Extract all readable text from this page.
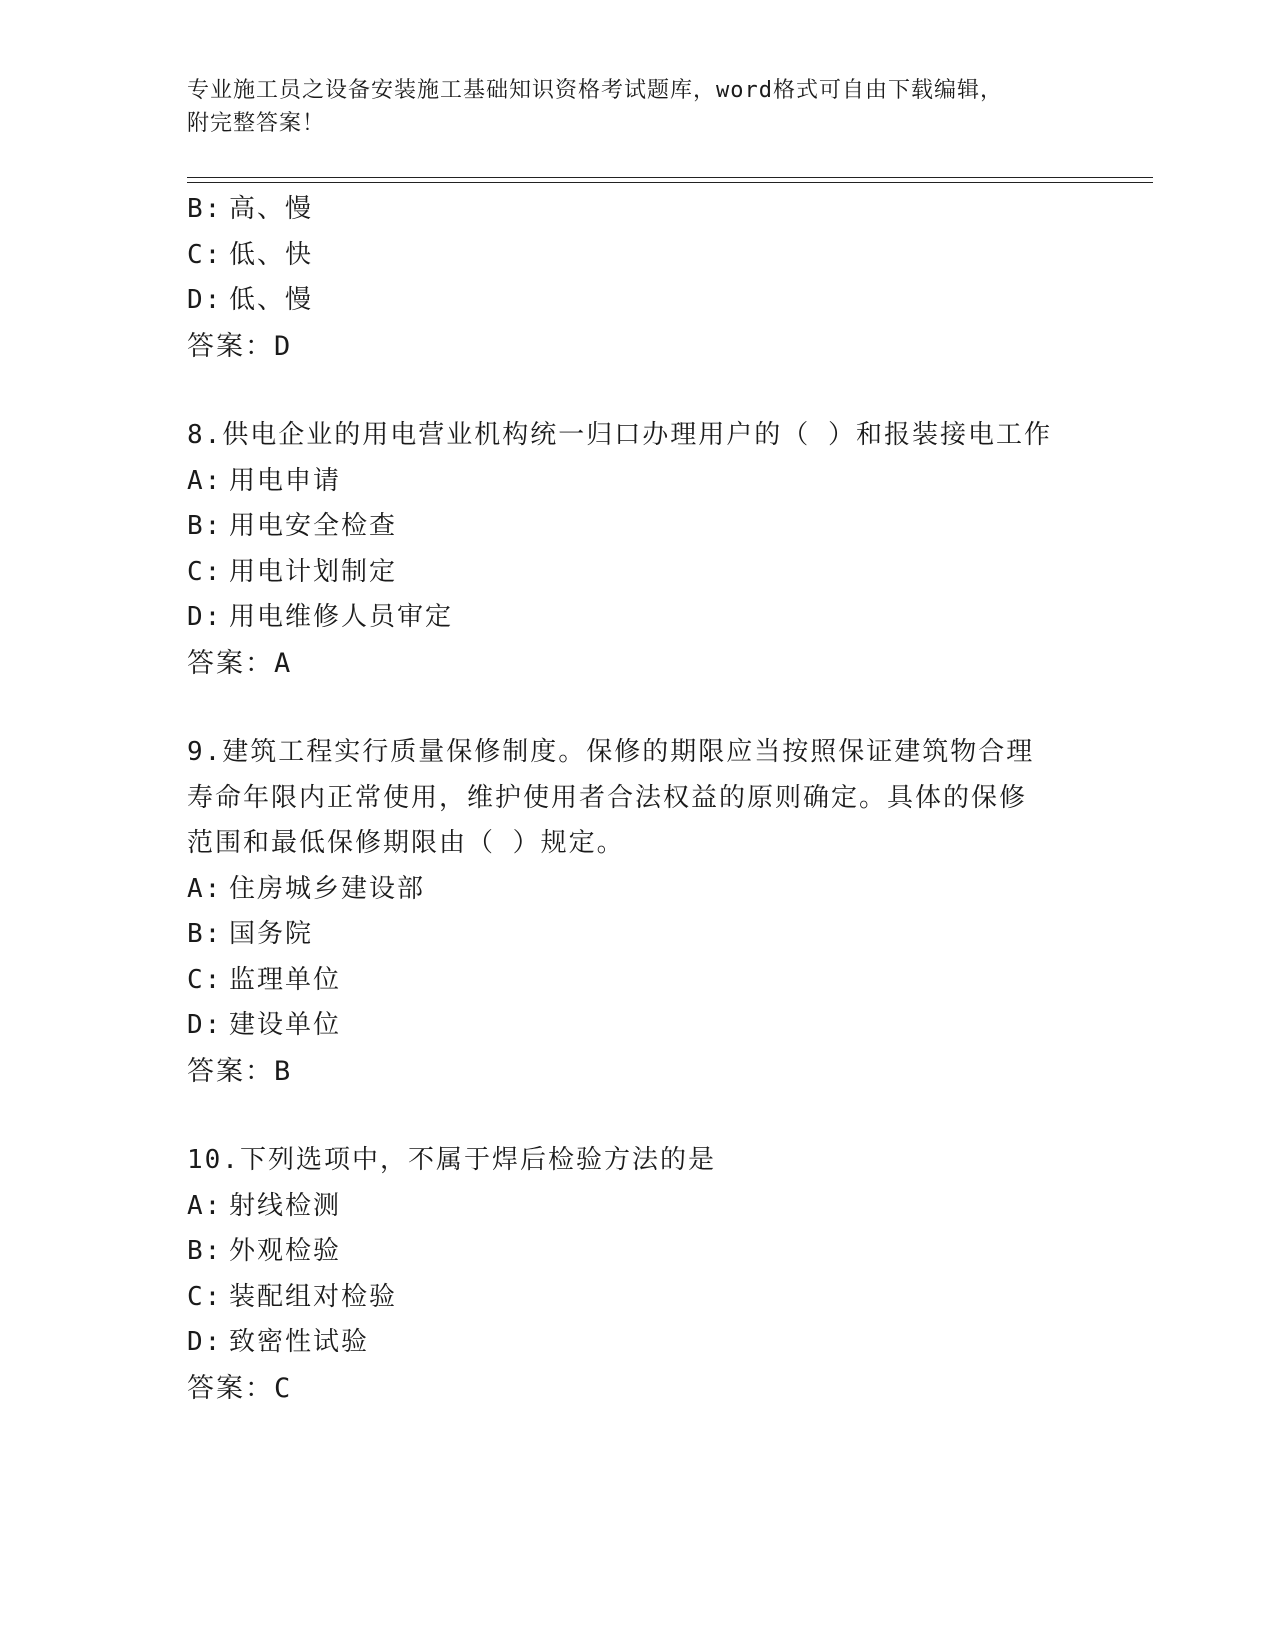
专业施工员之设备安装施工基础知识资格考试题库，word格式可自由下载编辑，
附完整答案！
B: 高、慢
C: 低、快
D: 低、慢
答案：D
8.供电企业的用电营业机构统一归口办理用户的（ ）和报装接电工作
A: 用电申请
B: 用电安全检查
C: 用电计划制定
D: 用电维修人员审定
答案：A
9.建筑工程实行质量保修制度。保修的期限应当按照保证建筑物合理
寿命年限内正常使用，维护使用者合法权益的原则确定。具体的保修
范围和最低保修期限由（ ）规定。
A: 住房城乡建设部
B: 国务院
C: 监理单位
D: 建设单位
答案：B
10.下列选项中，不属于焊后检验方法的是
A: 射线检测
B: 外观检验
C: 装配组对检验
D: 致密性试验
答案：C
